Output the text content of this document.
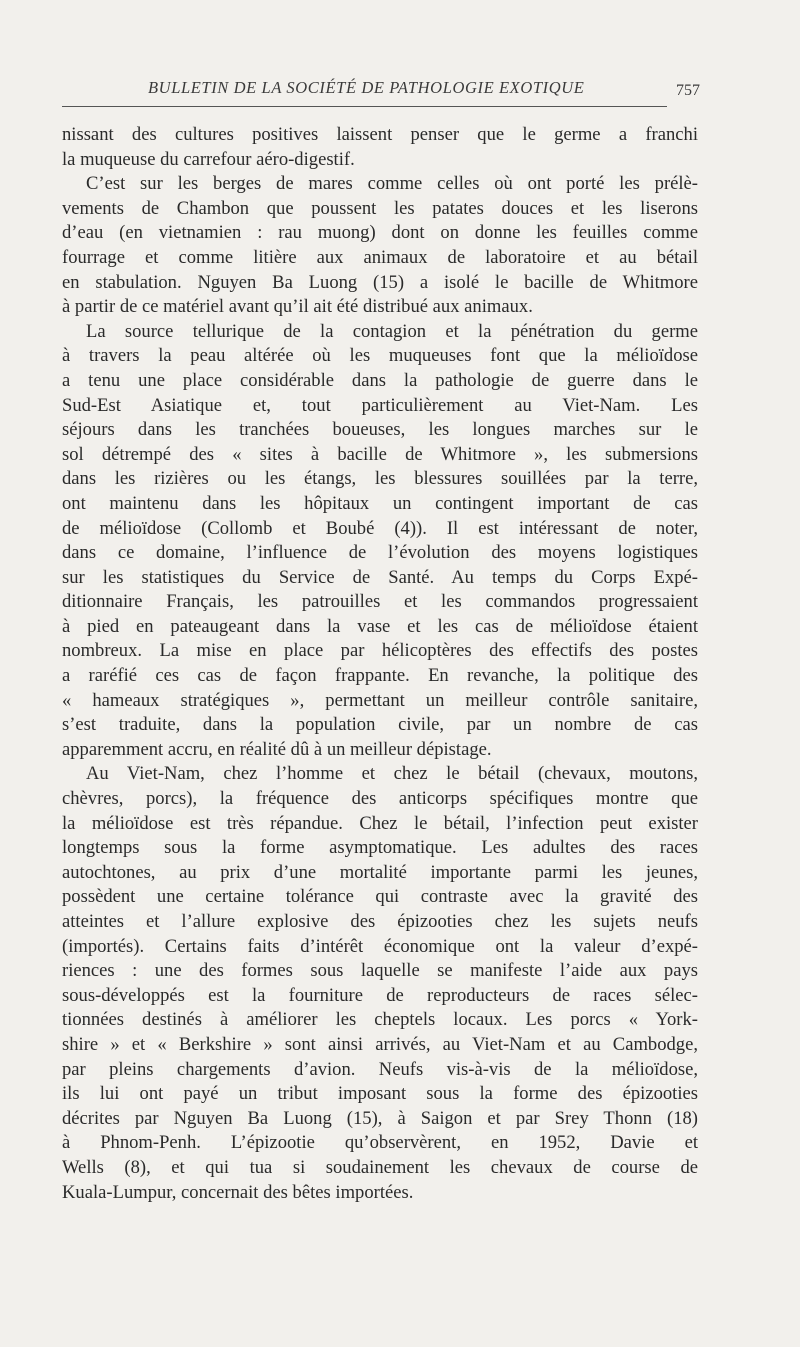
BULLETIN DE LA SOCIÉTÉ DE PATHOLOGIE EXOTIQUE	757
nissant des cultures positives laissent penser que le germe a franchi
la muqueuse du carrefour aéro-digestif.
C’est sur les berges de mares comme celles où ont porté les prélè-
vements de Chambon que poussent les patates douces et les liserons
d’eau (en vietnamien : rau muong) dont on donne les feuilles comme
fourrage et comme litière aux animaux de laboratoire et au bétail
en stabulation. Nguyen Ba Luong (15) a isolé le bacille de Whitmore
à partir de ce matériel avant qu’il ait été distribué aux animaux.
La source tellurique de la contagion et la pénétration du germe
à travers la peau altérée où les muqueuses font que la mélioïdose
a tenu une place considérable dans la pathologie de guerre dans le
Sud-Est Asiatique et, tout particulièrement au Viet-Nam. Les
séjours dans les tranchées boueuses, les longues marches sur le
sol détrempé des « sites à bacille de Whitmore », les submersions
dans les rizières ou les étangs, les blessures souillées par la terre,
ont maintenu dans les hôpitaux un contingent important de cas
de mélioïdose (Collomb et Boubé (4)). Il est intéressant de noter,
dans ce domaine, l’influence de l’évolution des moyens logistiques
sur les statistiques du Service de Santé. Au temps du Corps Expé-
ditionnaire Français, les patrouilles et les commandos progressaient
à pied en pateaugeant dans la vase et les cas de mélioïdose étaient
nombreux. La mise en place par hélicoptères des effectifs des postes
a raréfié ces cas de façon frappante. En revanche, la politique des
« hameaux stratégiques », permettant un meilleur contrôle sanitaire,
s’est traduite, dans la population civile, par un nombre de cas
apparemment accru, en réalité dû à un meilleur dépistage.
Au Viet-Nam, chez l’homme et chez le bétail (chevaux, moutons,
chèvres, porcs), la fréquence des anticorps spécifiques montre que
la mélioïdose est très répandue. Chez le bétail, l’infection peut exister
longtemps sous la forme asymptomatique. Les adultes des races
autochtones, au prix d’une mortalité importante parmi les jeunes,
possèdent une certaine tolérance qui contraste avec la gravité des
atteintes et l’allure explosive des épizooties chez les sujets neufs
(importés). Certains faits d’intérêt économique ont la valeur d’expé-
riences : une des formes sous laquelle se manifeste l’aide aux pays
sous-développés est la fourniture de reproducteurs de races sélec-
tionnées destinés à améliorer les cheptels locaux. Les porcs « York-
shire » et « Berkshire » sont ainsi arrivés, au Viet-Nam et au Cambodge,
par pleins chargements d’avion. Neufs vis-à-vis de la mélioïdose,
ils lui ont payé un tribut imposant sous la forme des épizooties
décrites par Nguyen Ba Luong (15), à Saigon et par Srey Thonn (18)
à Phnom-Penh. L’épizootie qu’observèrent, en 1952, Davie et
Wells (8), et qui tua si soudainement les chevaux de course de
Kuala-Lumpur, concernait des bêtes importées.
